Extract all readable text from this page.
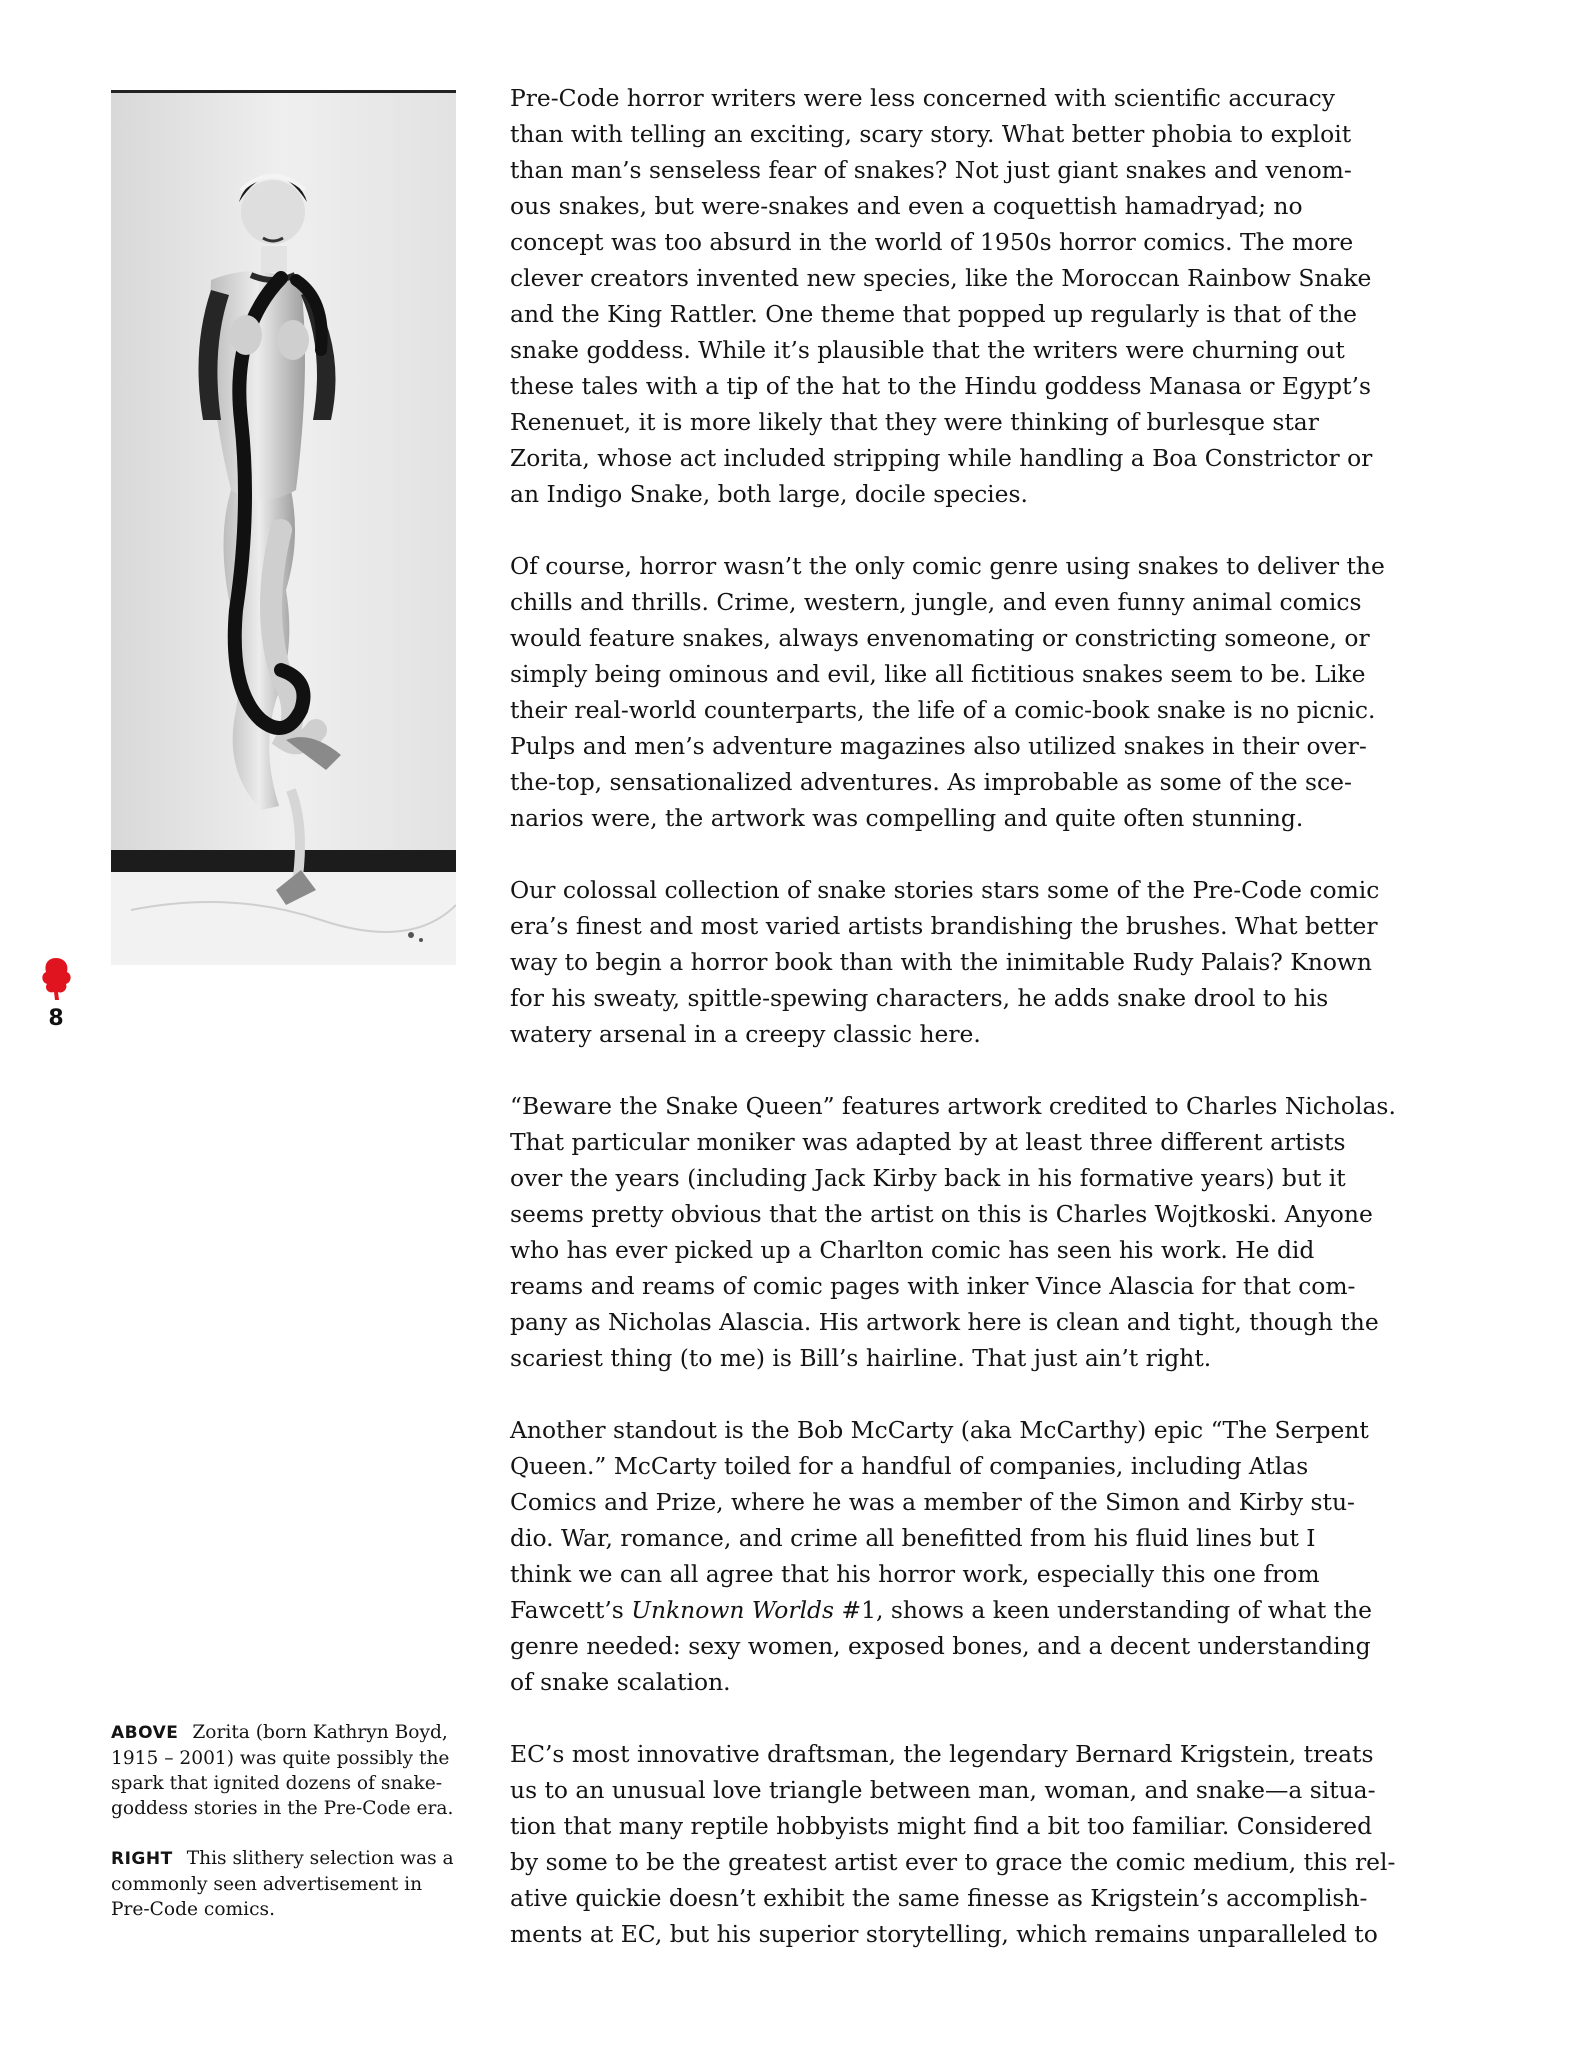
8

Pre-Code horror writers were less concerned with scientific accuracy
than with telling an exciting, scary story. What better phobia to exploit
than man’s senseless fear of snakes? Not just giant snakes and venom-
ous snakes, but were-snakes and even a coquettish hamadryad; no
concept was too absurd in the world of 1950s horror comics. The more
clever creators invented new species, like the Moroccan Rainbow Snake
and the King Rattler. One theme that popped up regularly is that of the
snake goddess. While it’s plausible that the writers were churning out
these tales with a tip of the hat to the Hindu goddess Manasa or Egypt’s
Renenuet, it is more likely that they were thinking of burlesque star
Zorita, whose act included stripping while handling a Boa Constrictor or
an Indigo Snake, both large, docile species.

Of course, horror wasn’t the only comic genre using snakes to deliver the
chills and thrills. Crime, western, jungle, and even funny animal comics
would feature snakes, always envenomating or constricting someone, or
simply being ominous and evil, like all fictitious snakes seem to be. Like
their real-world counterparts, the life of a comic-book snake is no picnic.
Pulps and men’s adventure magazines also utilized snakes in their over-
the-top, sensationalized adventures. As improbable as some of the sce-
narios were, the artwork was compelling and quite often stunning.

Our colossal collection of snake stories stars some of the Pre-Code comic
era’s finest and most varied artists brandishing the brushes. What better
way to begin a horror book than with the inimitable Rudy Palais? Known
for his sweaty, spittle-spewing characters, he adds snake drool to his
watery arsenal in a creepy classic here.

“Beware the Snake Queen” features artwork credited to Charles Nicholas.
That particular moniker was adapted by at least three different artists
over the years (including Jack Kirby back in his formative years) but it
seems pretty obvious that the artist on this is Charles Wojtkoski. Anyone
who has ever picked up a Charlton comic has seen his work. He did
reams and reams of comic pages with inker Vince Alascia for that com-
pany as Nicholas Alascia. His artwork here is clean and tight, though the
scariest thing (to me) is Bill’s hairline. That just ain’t right.

Another standout is the Bob McCarty (aka McCarthy) epic “The Serpent
Queen.” McCarty toiled for a handful of companies, including Atlas
Comics and Prize, where he was a member of the Simon and Kirby stu-
dio. War, romance, and crime all benefitted from his fluid lines but I
think we can all agree that his horror work, especially this one from
Fawcett’s Unknown Worlds #1, shows a keen understanding of what the
genre needed: sexy women, exposed bones, and a decent understanding
of snake scalation.

EC’s most innovative draftsman, the legendary Bernard Krigstein, treats
us to an unusual love triangle between man, woman, and snake—a situa-
tion that many reptile hobbyists might find a bit too familiar. Considered
by some to be the greatest artist ever to grace the comic medium, this rel-
ative quickie doesn’t exhibit the same finesse as Krigstein’s accomplish-
ments at EC, but his superior storytelling, which remains unparalleled to

ABOVE Zorita (born Kathryn Boyd, 1915 – 2001) was quite possibly the spark that ignited dozens of snake-goddess stories in the Pre-Code era.

RIGHT This slithery selection was a commonly seen advertisement in Pre-Code comics.
